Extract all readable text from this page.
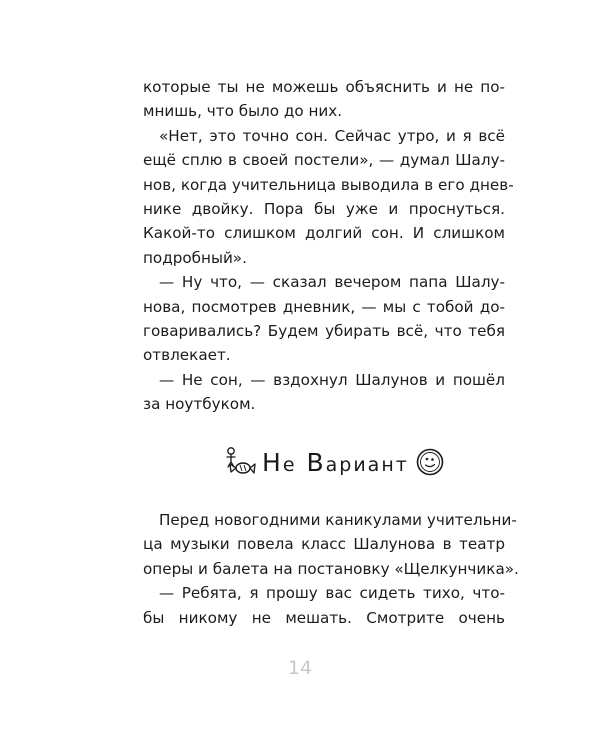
которые ты не можешь объяснить и не по-
мнишь, что было до них.
«Нет, это точно сон. Сейчас утро, и я всё
ещё сплю в своей постели», — думал Шалу-
нов, когда учительница выводила в его днев-
нике двойку. Пора бы уже и проснуться.
Какой-то слишком долгий сон. И слишком
подробный».
— Ну что, — сказал вечером папа Шалу-
нова, посмотрев дневник, — мы с тобой до-
говаривались? Будем убирать всё, что тебя
отвлекает.
— Не сон, — вздохнул Шалунов и пошёл
за ноутбуком.
Не Вариант
Перед новогодними каникулами учительни-
ца музыки повела класс Шалунова в театр
оперы и балета на постановку «Щелкунчика».
— Ребята, я прошу вас сидеть тихо, что-
бы никому не мешать. Смотрите очень
14
